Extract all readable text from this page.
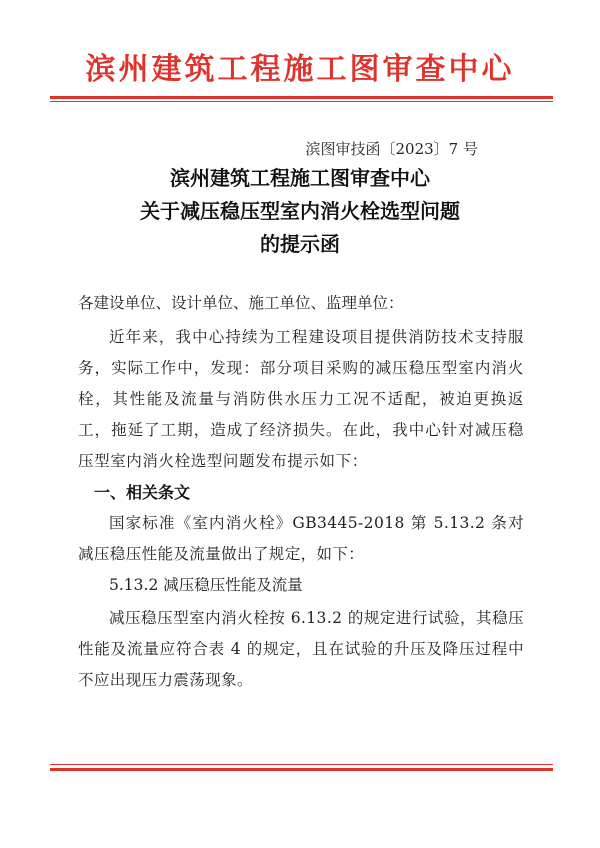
滨州建筑工程施工图审查中心
滨图审技函〔2023〕7 号
滨州建筑工程施工图审查中心
关于减压稳压型室内消火栓选型问题
的提示函
各建设单位、设计单位、施工单位、监理单位：
近年来，我中心持续为工程建设项目提供消防技术支持服务，实际工作中，发现：部分项目采购的减压稳压型室内消火栓，其性能及流量与消防供水压力工况不适配，被迫更换返工，拖延了工期，造成了经济损失。在此，我中心针对减压稳压型室内消火栓选型问题发布提示如下：
一、相关条文
国家标准《室内消火栓》GB3445-2018 第 5.13.2 条对减压稳压性能及流量做出了规定，如下：
5.13.2 减压稳压性能及流量
减压稳压型室内消火栓按 6.13.2 的规定进行试验，其稳压性能及流量应符合表 4 的规定，且在试验的升压及降压过程中不应出现压力震荡现象。
